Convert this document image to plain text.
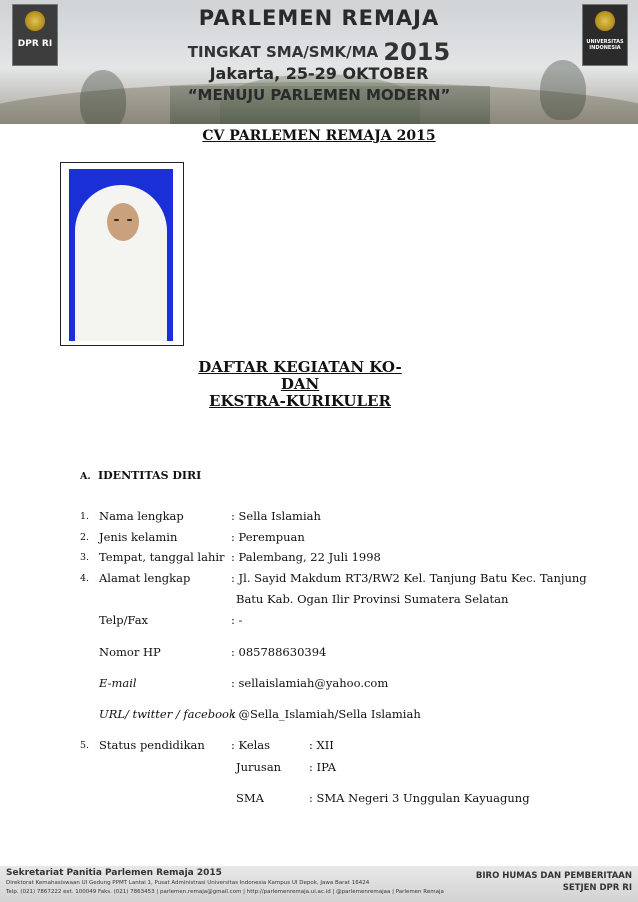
DPR RI	UNIVERSITAS INDONESIA
PARLEMEN REMAJA
TINGKAT SMA/SMK/MA 2015
Jakarta, 25-29 OKTOBER
“MENUJU PARLEMEN MODERN”
CV PARLEMEN REMAJA 2015
DAFTAR KEGIATAN KO-
DAN
EKSTRA-KURIKULER
A. IDENTITAS DIRI
1. Nama lengkap	: Sella Islamiah
2. Jenis kelamin	: Perempuan
3. Tempat, tanggal lahir : Palembang, 22 Juli 1998
4. Alamat lengkap	: Jl. Sayid Makdum RT3/RW2 Kel. Tanjung Batu Kec. Tanjung
Batu Kab. Ogan Ilir Provinsi Sumatera Selatan
Telp/Fax	: -
Nomor HP	: 085788630394
E-mail	: sellaislamiah@yahoo.com
URL/ twitter / facebook
: @Sella_Islamiah/Sella Islamiah
5. Status pendidikan : Kelas	: XII
Jurusan : IPA
SMA	: SMA Negeri 3 Unggulan Kayuagung
Sekretariat Panitia Parlemen Remaja 2015
Direktorat Kemahasiswaan UI Gedung PPMT Lantai 1, Pusat Administrasi Universitas Indonesia Kampus UI Depok, Jawa Barat 16424
Telp. (021) 7867222 ext. 100049 Faks. (021) 7863453 | parlemen.remaja@gmail.com | http://parlemenremaja.ui.ac.id | @parlemenremajaa | Parlemen Remaja
BIRO HUMAS DAN PEMBERITAAN
SETJEN DPR RI
